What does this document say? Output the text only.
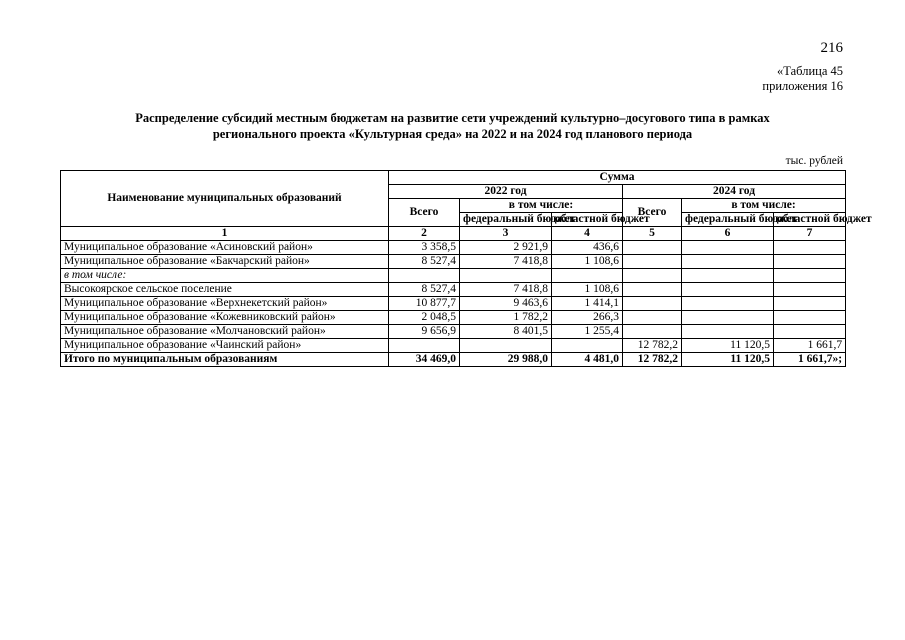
216
«Таблица 45
приложения 16
Распределение субсидий местным бюджетам на развитие сети учреждений культурно–досугового типа в рамках
регионального проекта «Культурная среда» на 2022 и на 2024 год планового периода
тыс. рублей
Наименование муниципальных образований	Сумма					
	2022 год			2024 год		
	Всего	в том числе:		Всего	в том числе:	
		федеральный бюджет	областной бюджет		федеральный бюджет	областной бюджет
1	2	3	4	5	6	7
Муниципальное образование «Асиновский район»	3 358,5	2 921,9	436,6			
Муниципальное образование «Бакчарский район»	8 527,4	7 418,8	1 108,6			
в том числе:						
Высокоярское сельское поселение	8 527,4	7 418,8	1 108,6			
Муниципальное образование «Верхнекетский район»	10 877,7	9 463,6	1 414,1			
Муниципальное образование «Кожевниковский район»	2 048,5	1 782,2	266,3			
Муниципальное образование «Молчановский район»	9 656,9	8 401,5	1 255,4			
Муниципальное образование «Чаинский район»				12 782,2	11 120,5	1 661,7
Итого по муниципальным образованиям	34 469,0	29 988,0	4 481,0	12 782,2	11 120,5	1 661,7»;
